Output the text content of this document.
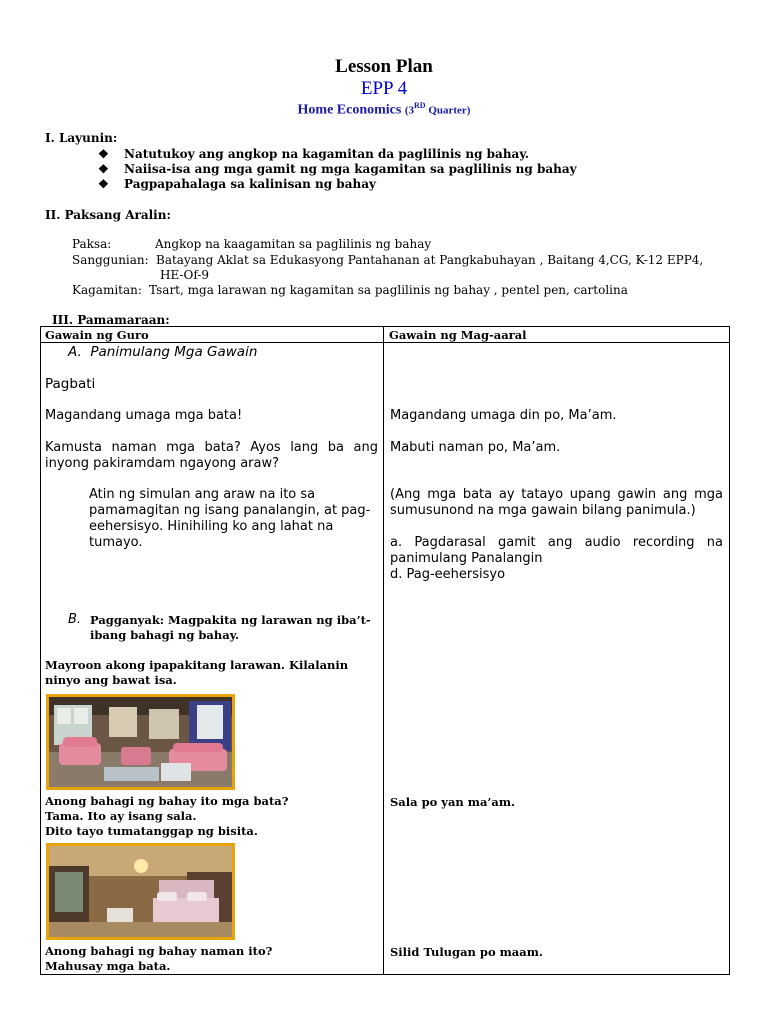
Lesson Plan
EPP 4
Home Economics (3RD Quarter)
I. Layunin:
❖ Natutukoy ang angkop na kagamitan da paglilinis ng bahay.
❖ Naiisa-isa ang mga gamit ng mga kagamitan sa paglilinis ng bahay
❖ Pagpapahalaga sa kalinisan ng bahay
II. Paksang Aralin:
Paksa:	Angkop na kaagamitan sa paglilinis ng bahay
Sanggunian: Batayang Aklat sa Edukasyong Pantahanan at Pangkabuhayan , Baitang 4,CG, K-12 EPP4,
HE-Of-9
Kagamitan: Tsart, mga larawan ng kagamitan sa paglilinis ng bahay , pentel pen, cartolina
III. Pamamaraan:
Gawain ng Guro	Gawain ng Mag-aaral
A. Panimulang Mga Gawain
Pagbati
Magandang umaga mga bata!
Kamusta naman mga bata? Ayos lang ba ang inyong pakiramdam ngayong araw?
Atin ng simulan ang araw na ito sa pamamagitan ng isang panalangin, at pag-eehersisyo. Hinihiling ko ang lahat na tumayo.
B. Pagganyak: Magpakita ng larawan ng iba’t-ibang bahagi ng bahay.
Mayroon akong ipapakitang larawan. Kilalanin ninyo ang bawat isa.
Anong bahagi ng bahay ito mga bata?
Tama. Ito ay isang sala.
Dito tayo tumatanggap ng bisita.
Anong bahagi ng bahay naman ito?
Mahusay mga bata.
Magandang umaga din po, Ma’am.
Mabuti naman po, Ma’am.
(Ang mga bata ay tatayo upang gawin ang mga sumusunond na mga gawain bilang panimula.)
a. Pagdarasal gamit ang audio recording na panimulang Panalangin
d. Pag-eehersisyo
Sala po yan ma’am.
Silid Tulugan po maam.
